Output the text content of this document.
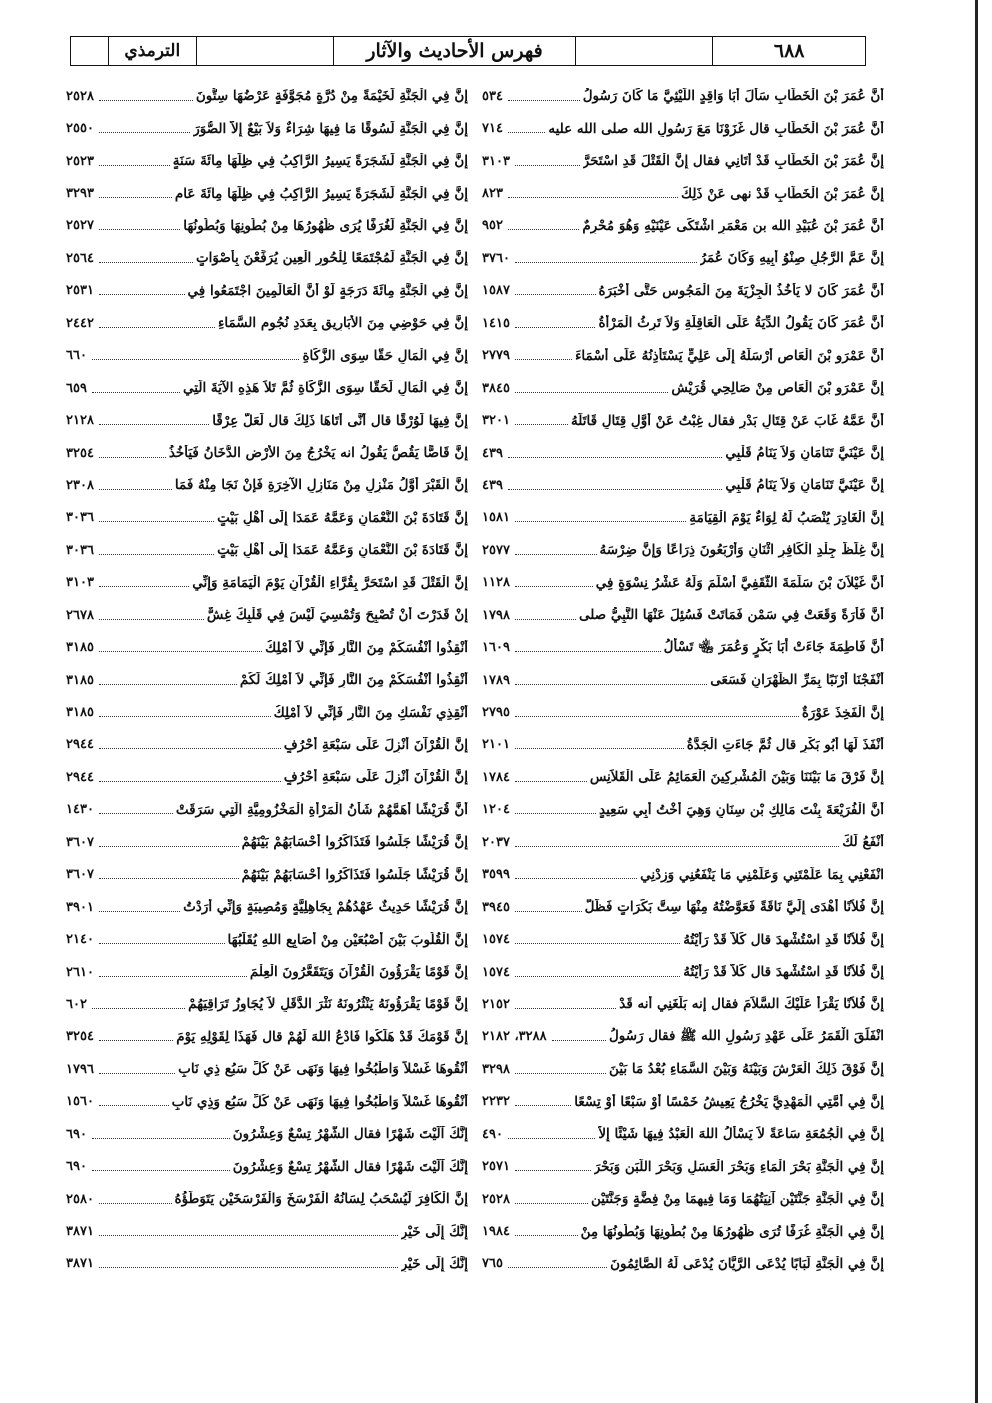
الترمذي	فهرس الأحاديث والآثار	٦٨٨
٢٥٢٨	إِنَّ فِي الْجَنَّةِ لَخَيْمَةً مِنْ دُرَّةٍ مُجَوَّفَةٍ عَرْضُهَا سِتُّونَ
٢٥٥٠	إِنَّ فِي الْجَنَّةِ لَسُوقًا مَا فِيهَا شِرَاءٌ وَلاَ بَيْعٌ إِلاَّ الصُّوَرَ
٢٥٢٣	إِنَّ فِي الْجَنَّةِ لَشَجَرَةً يَسِيرُ الرَّاكِبُ فِي ظِلِّهَا مِائَةَ سَنَةٍ
٣٢٩٣	إِنَّ فِي الْجَنَّةِ لَشَجَرَةً يَسِيرُ الرَّاكِبُ فِي ظِلِّهَا مِائَةَ عَامٍ
٢٥٢٧	إِنَّ فِي الْجَنَّةِ لَغُرَفًا يُرَى ظُهُورُهَا مِنْ بُطُونِهَا وَبُطُونُهَا
٢٥٦٤	إِنَّ فِي الْجَنَّةِ لَمُجْتَمَعًا لِلْحُورِ الْعِينِ يُرَفِّعْنَ بِأَصْوَاتٍ
٢٥٣١	إِنَّ فِي الْجَنَّةِ مِائَةَ دَرَجَةٍ لَوْ أَنَّ الْعَالَمِينَ اجْتَمَعُوا فِي
٢٤٤٢	إِنَّ فِي حَوْضِي مِنَ الأَبَارِيقِ بِعَدَدِ نُجُومِ السَّمَاءِ
٦٦٠	إِنَّ فِي الْمَالِ حَقًّا سِوَى الزَّكَاةِ
٦٥٩	إِنَّ فِي الْمَالِ لَحَقًّا سِوَى الزَّكَاةِ ثُمَّ تَلاَ هَذِهِ الآيَةَ الَّتِي
٢١٢٨	إِنَّ فِيهَا لَوُرْقًا قال أَنَّى أَتَاهَا ذَلِكَ قال لَعَلَّ عِرْقًا
٣٢٥٤	إِنَّ قَاصًّا يَقُصُّ يَقُولُ انه يَخْرُجُ مِنَ الأَرْضِ الدُّخَانُ فَيَأْخُذُ
٢٣٠٨	إِنَّ الْقَبْرَ أَوَّلُ مَنْزِلٍ مِنْ مَنَازِلِ الآخِرَةِ فَإِنْ نَجَا مِنْهُ فَمَا
٣٠٣٦	إِنَّ قَتَادَةَ بْنَ النُّعْمَانِ وَعَمَّهُ عَمَدَا إِلَى أَهْلِ بَيْتٍ
٣٠٣٦	إِنَّ قَتَادَةَ بْنَ النُّعْمَانِ وَعَمَّهُ عَمَدَا إِلَى أَهْلِ بَيْتٍ
٣١٠٣	إِنَّ الْقَتْلَ قَدِ اسْتَحَرَّ بِقُرَّاءِ الْقُرْآنِ يَوْمَ الْيَمَامَةِ وَإِنِّي
٢٦٧٨	إِنْ قَدَرْتَ أَنْ تُصْبِحَ وَتُمْسِيَ لَيْسَ فِي قَلْبِكَ غِشٌّ
٣١٨٥	أَنْقِذُوا أَنْفُسَكُمْ مِنَ النَّارِ فَإِنِّي لاَ أَمْلِكُ
٣١٨٥	أَنْقِذُوا أَنْفُسَكُمْ مِنَ النَّارِ فَإِنِّي لاَ أَمْلِكُ لَكُمْ
٣١٨٥	أَنْقِذِي نَفْسَكِ مِنَ النَّارِ فَإِنِّي لاَ أَمْلِكُ
٢٩٤٤	إِنَّ الْقُرْآنَ أُنْزِلَ عَلَى سَبْعَةِ أَحْرُفٍ
٢٩٤٤	إِنَّ الْقُرْآنَ أُنْزِلَ عَلَى سَبْعَةِ أَحْرُفٍ
١٤٣٠	أَنَّ قُرَيْشًا أَهَمَّهُمْ شَأْنُ الْمَرْأَةِ الْمَخْزُومِيَّةِ الَّتِي سَرَقَتْ
٣٦٠٧	إِنَّ قُرَيْشًا جَلَسُوا فَتَذَاكَرُوا أَحْسَابَهُمْ بَيْنَهُمْ
٣٦٠٧	إِنَّ قُرَيْشًا جَلَسُوا فَتَذَاكَرُوا أَحْسَابَهُمْ بَيْنَهُمْ
٣٩٠١	إِنَّ قُرَيْشًا حَدِيثٌ عَهْدُهُمْ بِجَاهِلِيَّةٍ وَمُصِيبَةٍ وَإِنِّي أَرَدْتُ
٢١٤٠	إِنَّ الْقُلُوبَ بَيْنَ أُصْبُعَيْنِ مِنْ أَصَابِعِ اللهِ يُقَلِّبُهَا
٢٦١٠	إِنَّ قَوْمًا يَقْرَؤُونَ الْقُرْآنَ وَيَتَقَعَّرُونَ الْعِلْمَ
٦٠٢	إِنَّ قَوْمًا يَقْرَؤُونَهُ يَنْثُرُونَهُ نَثْرَ الدَّقَلِ لاَ يُجَاوِزُ تَرَاقِيَهُمْ
٣٢٥٤	إِنَّ قَوْمَكَ قَدْ هَلَكُوا فَادْعُ اللهَ لَهُمْ قال فَهَذَا لِقَوْلِهِ يَوْمَ
١٧٩٦	أَنْقُوهَا غَسْلاً وَاطْبُخُوا فِيهَا وَنَهَى عَنْ كُلِّ سَبُعٍ ذِي نَابٍ
١٥٦٠	أَنْقُوهَا غَسْلاً وَاطْبُخُوا فِيهَا وَنَهَى عَنْ كُلِّ سَبُعٍ وَذِي نَابٍ
٦٩٠	إِنَّكَ آلَيْتَ شَهْرًا فقال الشَّهْرُ تِسْعٌ وَعِشْرُونَ
٦٩٠	إِنَّكَ آلَيْتَ شَهْرًا فقال الشَّهْرُ تِسْعٌ وَعِشْرُونَ
٢٥٨٠	إِنَّ الْكَافِرَ لَيُسْحَبُ لِسَانُهُ الْفَرْسَخَ وَالْفَرْسَخَيْنِ يَتَوَطَّؤُهُ
٣٨٧١	إِنَّكَ إِلَى خَيْرٍ
٣٨٧١	إِنَّكَ إِلَى خَيْرٍ
٥٣٤	أَنَّ عُمَرَ بْنَ الْخَطَّابِ سَأَلَ أَبَا وَاقِدٍ اللَّيْثِيَّ مَا كَانَ رَسُولُ
٧١٤	أَنَّ عُمَرَ بْنَ الْخَطَّابِ قال غَزَوْنَا مَعَ رَسُولِ الله صلى الله عليه
٣١٠٣	إِنَّ عُمَرَ بْنَ الْخَطَّابِ قَدْ أَتَانِي فقال إِنَّ الْقَتْلَ قَدِ اسْتَحَرَّ
٨٢٣	إِنَّ عُمَرَ بْنَ الْخَطَّابِ قَدْ نهى عَنْ ذَلِكَ
٩٥٢	أَنَّ عُمَرَ بْنَ عُبَيْدِ الله بن مَعْمَرٍ اشْتَكَى عَيْنَيْهِ وَهُوَ مُحْرِمٌ
٣٧٦٠	إِنَّ عَمَّ الرَّجُلِ صِنْوُ أَبِيهِ وَكَانَ عُمَرُ
١٥٨٧	أَنَّ عُمَرَ كَانَ لا يَأْخُذُ الْجِزْيَةَ مِنَ الْمَجُوسِ حَتَّى أَخْبَرَهُ
١٤١٥	أَنَّ عُمَرَ كَانَ يَقُولُ الدِّيَةُ عَلَى الْعَاقِلَةِ وَلاَ تَرِثُ الْمَرْأَةُ
٢٧٧٩	أَنَّ عَمْرَو بْنَ الْعَاصِ أَرْسَلَهُ إِلَى عَلِيٍّ يَسْتَأْذِنُهُ عَلَى أَسْمَاءَ
٣٨٤٥	إِنَّ عَمْرَو بْنَ الْعَاصِ مِنْ صَالِحِي قُرَيْشٍ
٣٢٠١	أَنَّ عَمَّهُ غَابَ عَنْ قِتَالِ بَدْرٍ فقال غِبْتُ عَنْ أَوَّلِ قِتَالٍ قَاتَلَهُ
٤٣٩	إِنَّ عَيْنَيَّ تَنَامَانِ وَلاَ يَنَامُ قَلْبِي
٤٣٩	إِنَّ عَيْنَيَّ تَنَامَانِ وَلاَ يَنَامُ قَلْبِي
١٥٨١	إِنَّ الْغَادِرَ يُنْصَبُ لَهُ لِوَاءٌ يَوْمَ الْقِيَامَةِ
٢٥٧٧	إِنَّ غِلَظَ جِلْدِ الْكَافِرِ اثْنَانِ وَأَرْبَعُونَ ذِرَاعًا وَإِنَّ ضِرْسَهُ
١١٢٨	أَنَّ غَيْلاَنَ بْنَ سَلَمَةَ الثَّقَفِيَّ أَسْلَمَ وَلَهُ عَشْرُ نِسْوَةٍ فِي
١٧٩٨	أَنَّ فَأْرَةً وَقَعَتْ فِي سَمْنٍ فَمَاتَتْ فَسُئِلَ عَنْهَا النَّبِيُّ صلى
١٦٠٩	أَنَّ فَاطِمَةَ جَاءَتْ أَبَا بَكْرٍ وَعُمَرَ ﵄ تَسْأَلُ
١٧٨٩	أَنْفَجْنَا أَرْنَبًا بِمَرِّ الظَّهْرَانِ فَسَعَى
٢٧٩٥	إِنَّ الْفَخِذَ عَوْرَةٌ
٢١٠١	أَنْفَذَ لَهَا أَبُو بَكْرٍ قال ثُمَّ جَاءَتِ الْجَدَّةُ
١٧٨٤	إِنَّ فَرْقَ مَا بَيْنَنَا وَبَيْنَ الْمُشْرِكِينَ الْعَمَائِمُ عَلَى الْقَلاَنِسِ
١٢٠٤	أَنَّ الْفُرَيْعَةَ بِنْتَ مَالِكِ بْنِ سِنَانٍ وَهِيَ أُخْتُ أَبِي سَعِيدٍ
٢٠٣٧	أَنْفَعُ لَكَ
٣٥٩٩	انْفَعْنِي بِمَا عَلَّمْتَنِي وَعَلِّمْنِي مَا يَنْفَعُنِي وَزِدْنِي
٣٩٤٥	إِنَّ فُلاَنًا أَهْدَى إِلَيَّ نَاقَةً فَعَوَّضْتُهُ مِنْهَا سِتَّ بَكَرَاتٍ فَظَلَّ
١٥٧٤	إِنَّ فُلاَنًا قَدِ اسْتُشْهِدَ قال كَلاَّ قَدْ رَأَيْتُهُ
١٥٧٤	إِنَّ فُلاَنًا قَدِ اسْتُشْهِدَ قال كَلاَّ قَدْ رَأَيْتُهُ
٢١٥٢	إِنَّ فُلاَنًا يَقْرَأُ عَلَيْكَ السَّلاَمَ فقال إنه بَلَغَنِي أنه قَدْ
٣٢٨٨، ٢١٨٢	انْفَلَقَ الْقَمَرُ عَلَى عَهْدِ رَسُولِ الله ﷺ فقال رَسُولُ
٣٢٩٨	إِنَّ فَوْقَ ذَلِكَ الْعَرْشَ وَبَيْنَهُ وَبَيْنَ السَّمَاءِ بُعْدُ مَا بَيْنَ
٢٢٣٢	إِنَّ فِي أُمَّتِي الْمَهْدِيَّ يَخْرُجُ يَعِيشُ خَمْسًا أَوْ سَبْعًا أَوْ تِسْعًا
٤٩٠	إِنَّ فِي الْجُمُعَةِ سَاعَةً لاَ يَسْأَلُ اللهَ الْعَبْدُ فِيهَا شَيْئًا إِلاَّ
٢٥٧١	إِنَّ فِي الْجَنَّةِ بَحْرَ الْمَاءِ وَبَحْرَ الْعَسَلِ وَبَحْرَ اللَّبَنِ وَبَحْرَ
٢٥٢٨	إِنَّ فِي الْجَنَّةِ جَنَّتَيْنِ آنِيَتُهُمَا وَمَا فِيهِمَا مِنْ فِضَّةٍ وَجَنَّتَيْنِ
١٩٨٤	إِنَّ فِي الْجَنَّةِ غُرَفًا تُرَى ظُهُورُهَا مِنْ بُطُونِهَا وَبُطُونُهَا مِنْ
٧٦٥	إِنَّ فِي الْجَنَّةِ لَبَابًا يُدْعَى الرَّيَّانَ يُدْعَى لَهُ الصَّائِمُونَ
